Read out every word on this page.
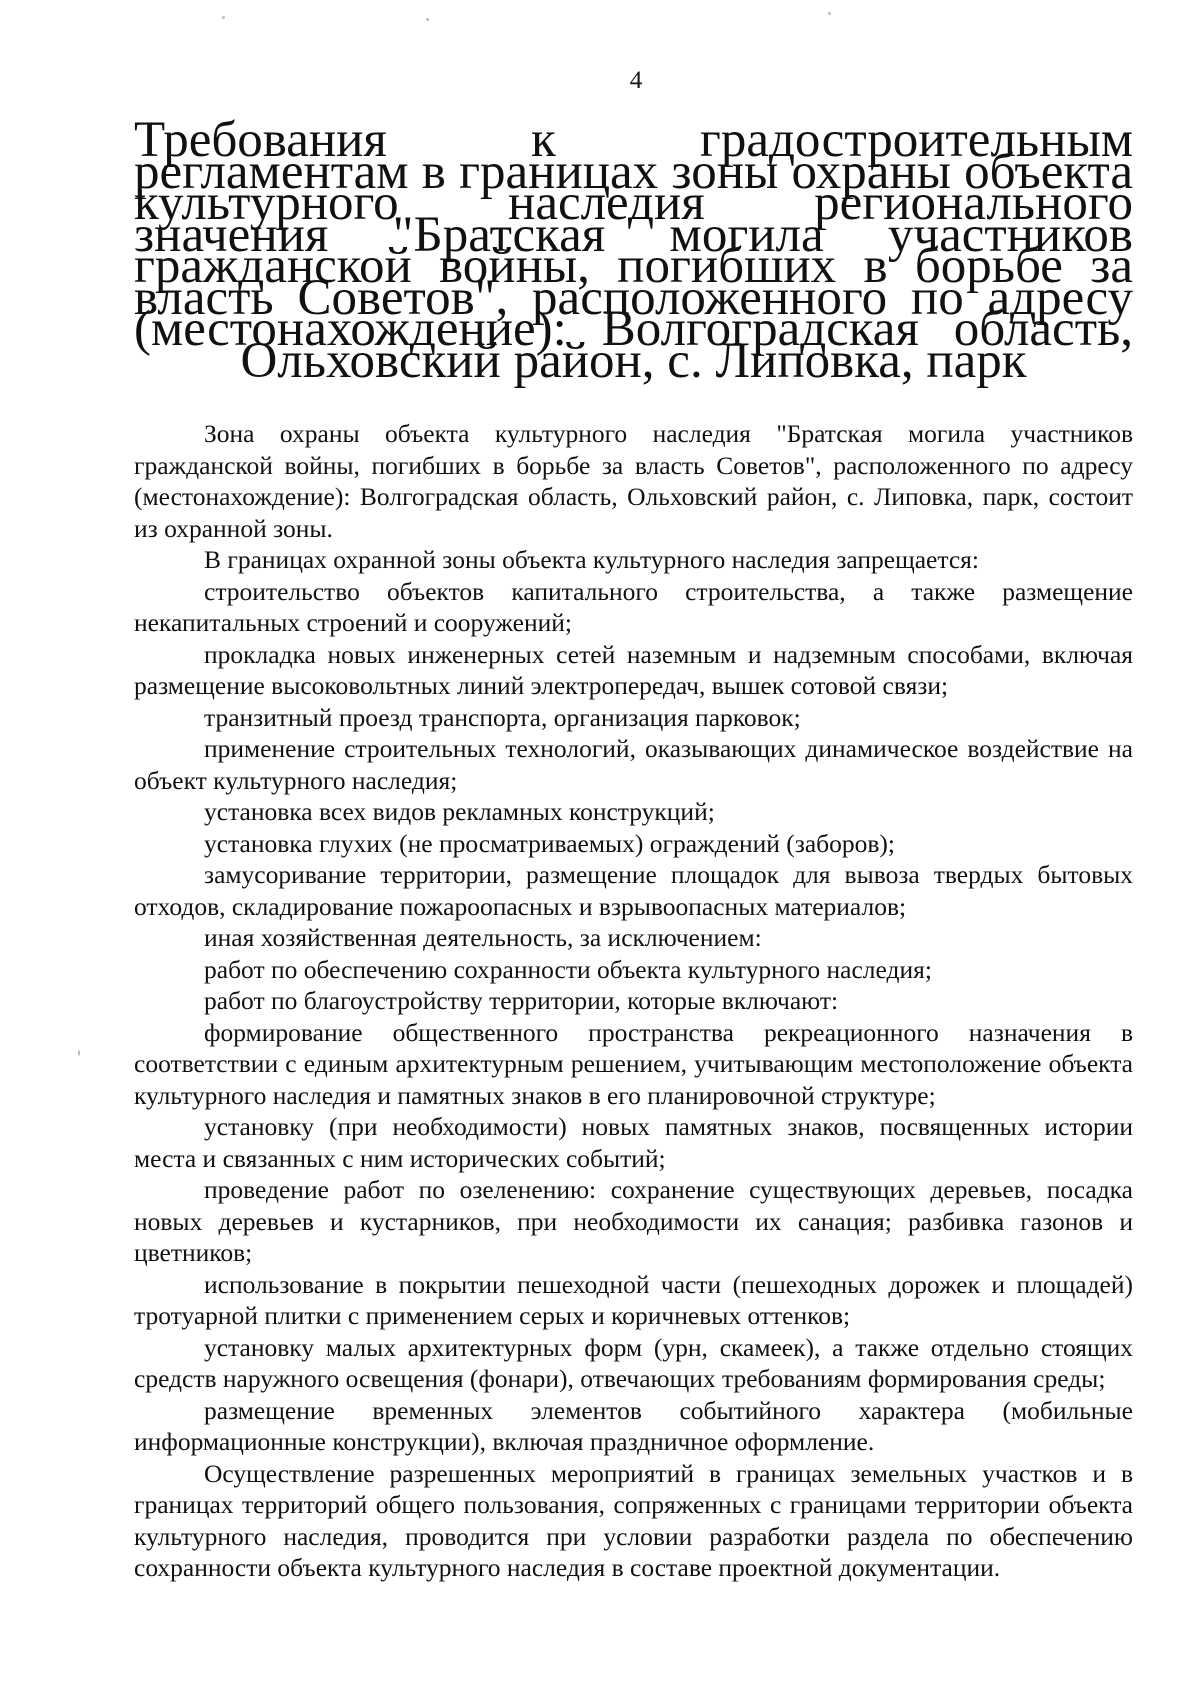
4
Требования к градостроительным регламентам в границах зоны охраны объекта культурного наследия регионального значения "Братская могила участников гражданской войны, погибших в борьбе за власть Советов", расположенного по адресу (местонахождение): Волгоградская область, Ольховский район, с. Липовка, парк

Зона охраны объекта культурного наследия "Братская могила участников гражданской войны, погибших в борьбе за власть Советов", расположенного по адресу (местонахождение): Волгоградская область, Ольховский район, с. Липовка, парк, состоит из охранной зоны.

В границах охранной зоны объекта культурного наследия запрещается:

строительство объектов капитального строительства, а также размещение некапитальных строений и сооружений;

прокладка новых инженерных сетей наземным и надземным способами, включая размещение высоковольтных линий электропередач, вышек сотовой связи;

транзитный проезд транспорта, организация парковок;

применение строительных технологий, оказывающих динамическое воздействие на объект культурного наследия;

установка всех видов рекламных конструкций;

установка глухих (не просматриваемых) ограждений (заборов);

замусоривание территории, размещение площадок для вывоза твердых бытовых отходов, складирование пожароопасных и взрывоопасных материалов;

иная хозяйственная деятельность, за исключением:

работ по обеспечению сохранности объекта культурного наследия;

работ по благоустройству территории, которые включают:

формирование общественного пространства рекреационного назначения в соответствии с единым архитектурным решением, учитывающим местоположение объекта культурного наследия и памятных знаков в его планировочной структуре;

установку (при необходимости) новых памятных знаков, посвященных истории места и связанных с ним исторических событий;

проведение работ по озеленению: сохранение существующих деревьев, посадка новых деревьев и кустарников, при необходимости их санация; разбивка газонов и цветников;

использование в покрытии пешеходной части (пешеходных дорожек и площадей) тротуарной плитки с применением серых и коричневых оттенков;

установку малых архитектурных форм (урн, скамеек), а также отдельно стоящих средств наружного освещения (фонари), отвечающих требованиям формирования среды;

размещение временных элементов событийного характера (мобильные информационные конструкции), включая праздничное оформление.

Осуществление разрешенных мероприятий в границах земельных участков и в границах территорий общего пользования, сопряженных с границами территории объекта культурного наследия, проводится при условии разработки раздела по обеспечению сохранности объекта культурного наследия в составе проектной документации.
